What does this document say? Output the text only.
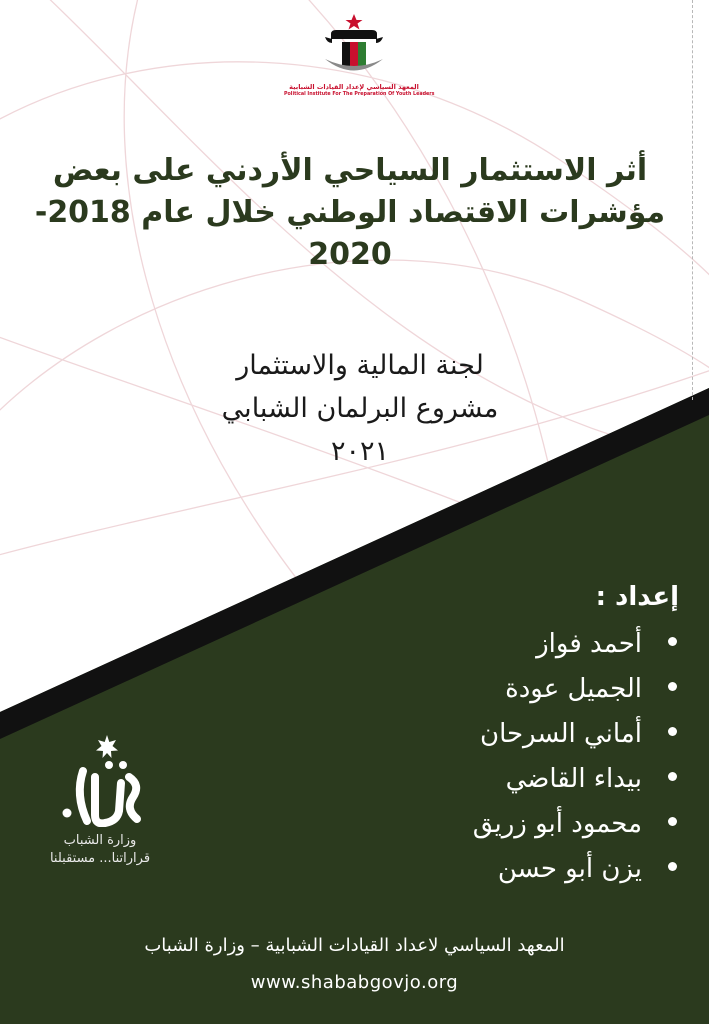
المعهد السياسي لإعداد القيادات الشبابية
Political Institute For The Preparation Of Youth Leaders
أثر الاستثمار السياحي الأردني على بعض
مؤشرات الاقتصاد الوطني خلال عام 2018-
2020
لجنة المالية والاستثمار
مشروع البرلمان الشبابي
٢٠٢١
إعداد :
أحمد فواز
الجميل عودة
أماني السرحان
بيداء القاضي
محمود أبو زريق
يزن أبو حسن
وزارة الشباب
قراراتنا... مستقبلنا
المعهد السياسي لاعداد القيادات الشبابية – وزارة الشباب
www.shababgovjo.org
